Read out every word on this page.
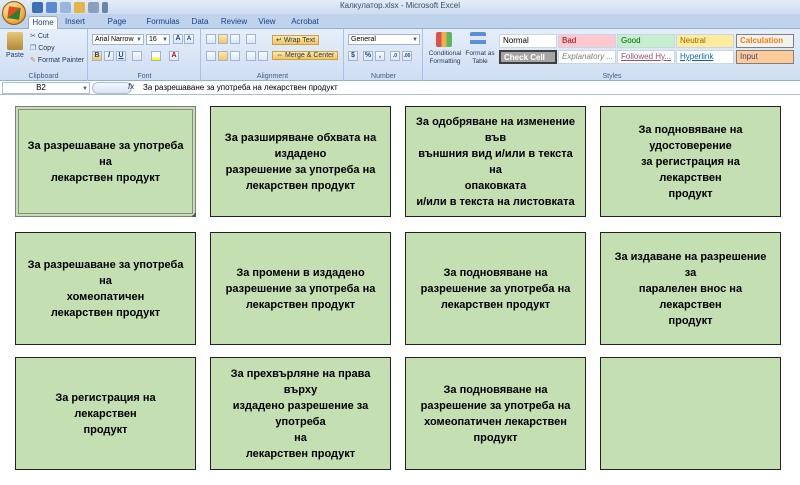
Калкулатор.xlsx - Microsoft Excel
Home	Insert	Page	Formulas	Data	Review View	Acrobat
Paste
✂ Cut
❐ Copy
✎ Format Painter
Clipboard
Arial Narrow ▼	16 ▼	A	A
B	I	U	A
Font
↵ Wrap Text
⇔ Merge & Center
Alignment
General	▼
$	%	,	.0	.00
Number
Conditional Formatting
Format as Table
Normal	Bad	Good	Neutral	Calculation
Check Cell	Explanatory ... Followed Hy...	Hyperlink	Input
Styles
B2	▼	fx	За разрешаване за употреба на лекарствен продукт
За разрешаване за употреба на
лекарствен продукт
За разширяване обхвата на
издадено
разрешение за употреба на
лекарствен продукт
За одобряване на изменение във
външния вид и/или в текста на
опаковката
и/или в текста на листовката
За подновяване на удостоверение
за регистрация на лекарствен
продукт
За разрешаване за употреба на
хомеопатичен
лекарствен продукт
За промени в издадено
разрешение за употреба на
лекарствен продукт
За подновяване на
разрешение за употреба на
лекарствен продукт
За издаване на разрешение за
паралелен внос на лекарствен
продукт
За регистрация на лекарствен
продукт
За прехвърляне на права върху
издадено разрешение за употреба
на
лекарствен продукт
За подновяване на
разрешение за употреба на
хомеопатичен лекарствен продукт
